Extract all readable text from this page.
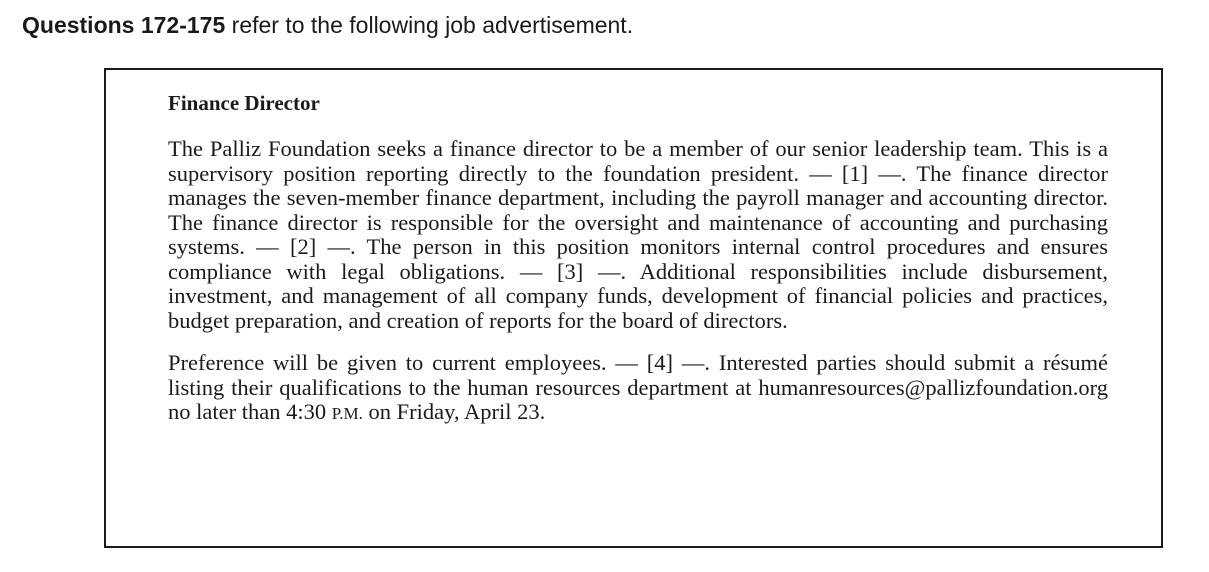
Questions 172-175 refer to the following job advertisement.
Finance Director

The Palliz Foundation seeks a finance director to be a member of our senior leadership team. This is a supervisory position reporting directly to the foundation president. — [1] —. The finance director manages the seven-member finance department, including the payroll manager and accounting director. The finance director is responsible for the oversight and maintenance of accounting and purchasing systems. — [2] —. The person in this position monitors internal control procedures and ensures compliance with legal obligations. — [3] —. Additional responsibilities include disbursement, investment, and management of all company funds, development of financial policies and practices, budget preparation, and creation of reports for the board of directors.

Preference will be given to current employees. — [4] —. Interested parties should submit a résumé listing their qualifications to the human resources department at humanresources@pallizfoundation.org no later than 4:30 P.M. on Friday, April 23.
